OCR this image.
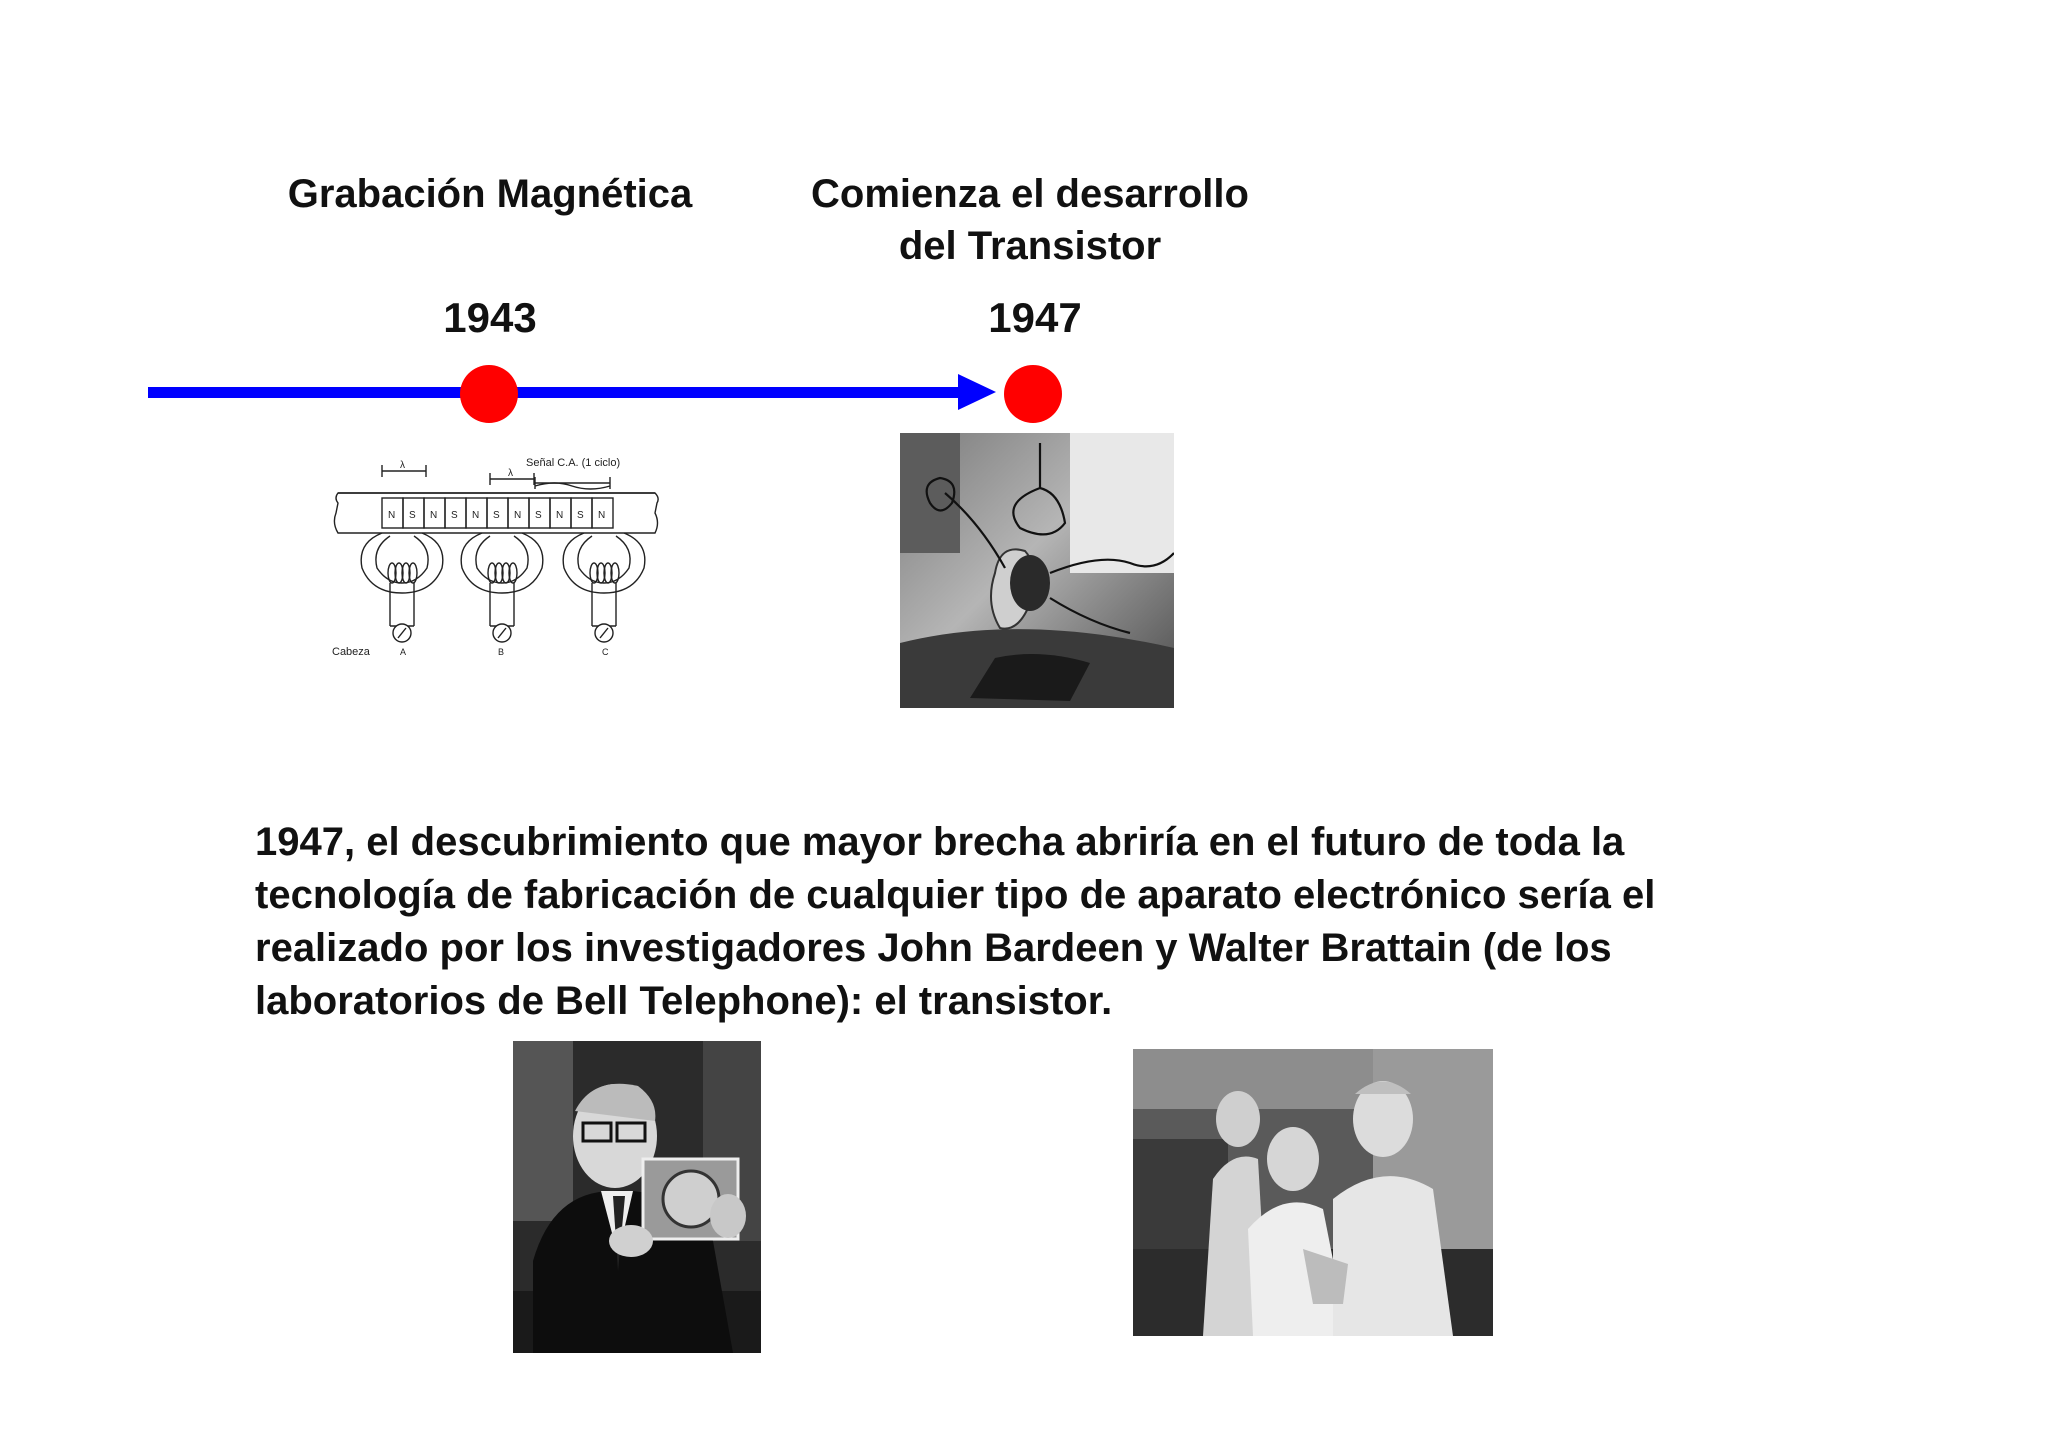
Grabación Magnética	Comienza el desarrollo
del Transistor
1943	1947
N S N S N S N S N S N
Señal C.A. (1 ciclo)
λ
λ
Cabeza	A	B	C
1947, el descubrimiento que mayor brecha abriría en el futuro de toda la
tecnología de fabricación de cualquier tipo de aparato electrónico sería el
realizado por los investigadores John Bardeen y Walter Brattain (de los
laboratorios de Bell Telephone): el transistor.
